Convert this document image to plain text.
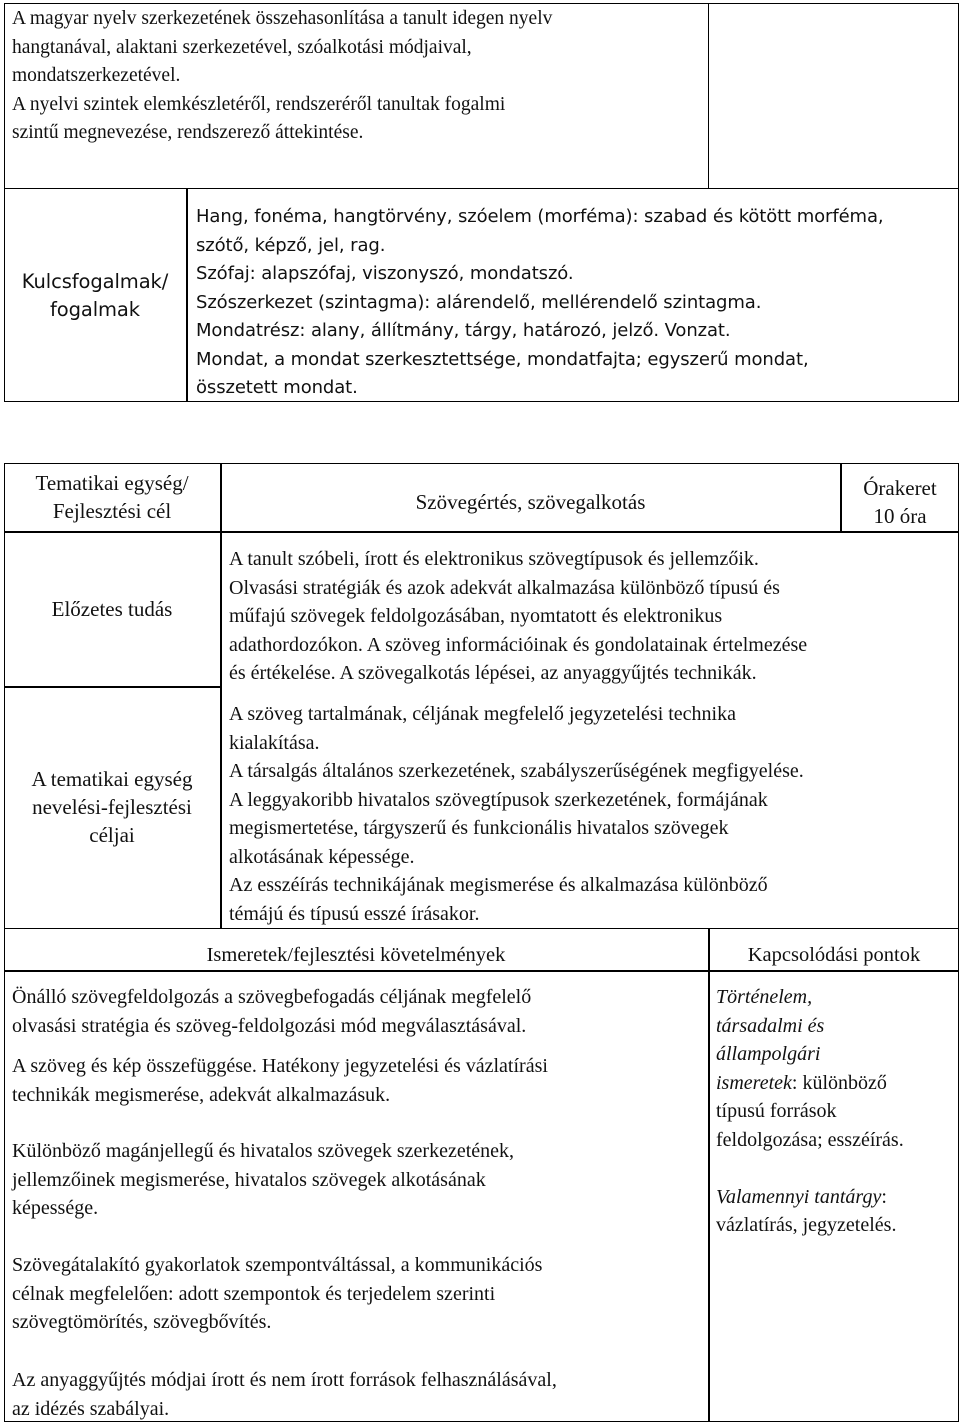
A magyar nyelv szerkezetének összehasonlítása a tanult idegen nyelv

hangtanával, alaktani szerkezetével, szóalkotási módjaival,

mondatszerkezetével.

A nyelvi szintek elemkészletéről, rendszeréről tanultak fogalmi

szintű megnevezése, rendszerező áttekintése.

Kulcsfogalmak/

fogalmak

Hang, fonéma, hangtörvény, szóelem (morféma): szabad és kötött morféma,

szótő, képző, jel, rag.

Szófaj: alapszófaj, viszonyszó, mondatszó.

Szószerkezet (szintagma): alárendelő, mellérendelő szintagma.

Mondatrész: alany, állítmány, tárgy, határozó, jelző. Vonzat.

Mondat, a mondat szerkesztettsége, mondatfajta; egyszerű mondat,

összetett mondat.

Tematikai egység/

Fejlesztési cél	Szövegértés, szövegalkotás

Órakeret

10 óra

Előzetes tudás

A tanult szóbeli, írott és elektronikus szövegtípusok és jellemzőik.

Olvasási stratégiák és azok adekvát alkalmazása különböző típusú és

műfajú szövegek feldolgozásában, nyomtatott és elektronikus

adathordozókon. A szöveg információinak és gondolatainak értelmezése

és értékelése. A szövegalkotás lépései, az anyaggyűjtés technikák.

A tematikai egység

nevelési-fejlesztési

céljai

A szöveg tartalmának, céljának megfelelő jegyzetelési technika

kialakítása.

A társalgás általános szerkezetének, szabályszerűségének megfigyelése.

A leggyakoribb hivatalos szövegtípusok szerkezetének, formájának

megismertetése, tárgyszerű és funkcionális hivatalos szövegek

alkotásának képessége.

Az esszéírás technikájának megismerése és alkalmazása különböző

témájú és típusú esszé írásakor.

Ismeretek/fejlesztési követelmények	Kapcsolódási pontok

Önálló szövegfeldolgozás a szövegbefogadás céljának megfelelő

olvasási stratégia és szöveg-feldolgozási mód megválasztásával.

A szöveg és kép összefüggése. Hatékony jegyzetelési és vázlatírási

technikák megismerése, adekvát alkalmazásuk.

Különböző magánjellegű és hivatalos szövegek szerkezetének,

jellemzőinek megismerése, hivatalos szövegek alkotásának

képessége.

Szövegátalakító gyakorlatok szempontváltással, a kommunikációs

célnak megfelelően: adott szempontok és terjedelem szerinti

szövegtömörítés, szövegbővítés.

Az anyaggyűjtés módjai írott és nem írott források felhasználásával,

az idézés szabályai.

Történelem,

társadalmi és

állampolgári

ismeretek: különböző

típusú források

feldolgozása; esszéírás.

Valamennyi tantárgy:

vázlatírás, jegyzetelés.
